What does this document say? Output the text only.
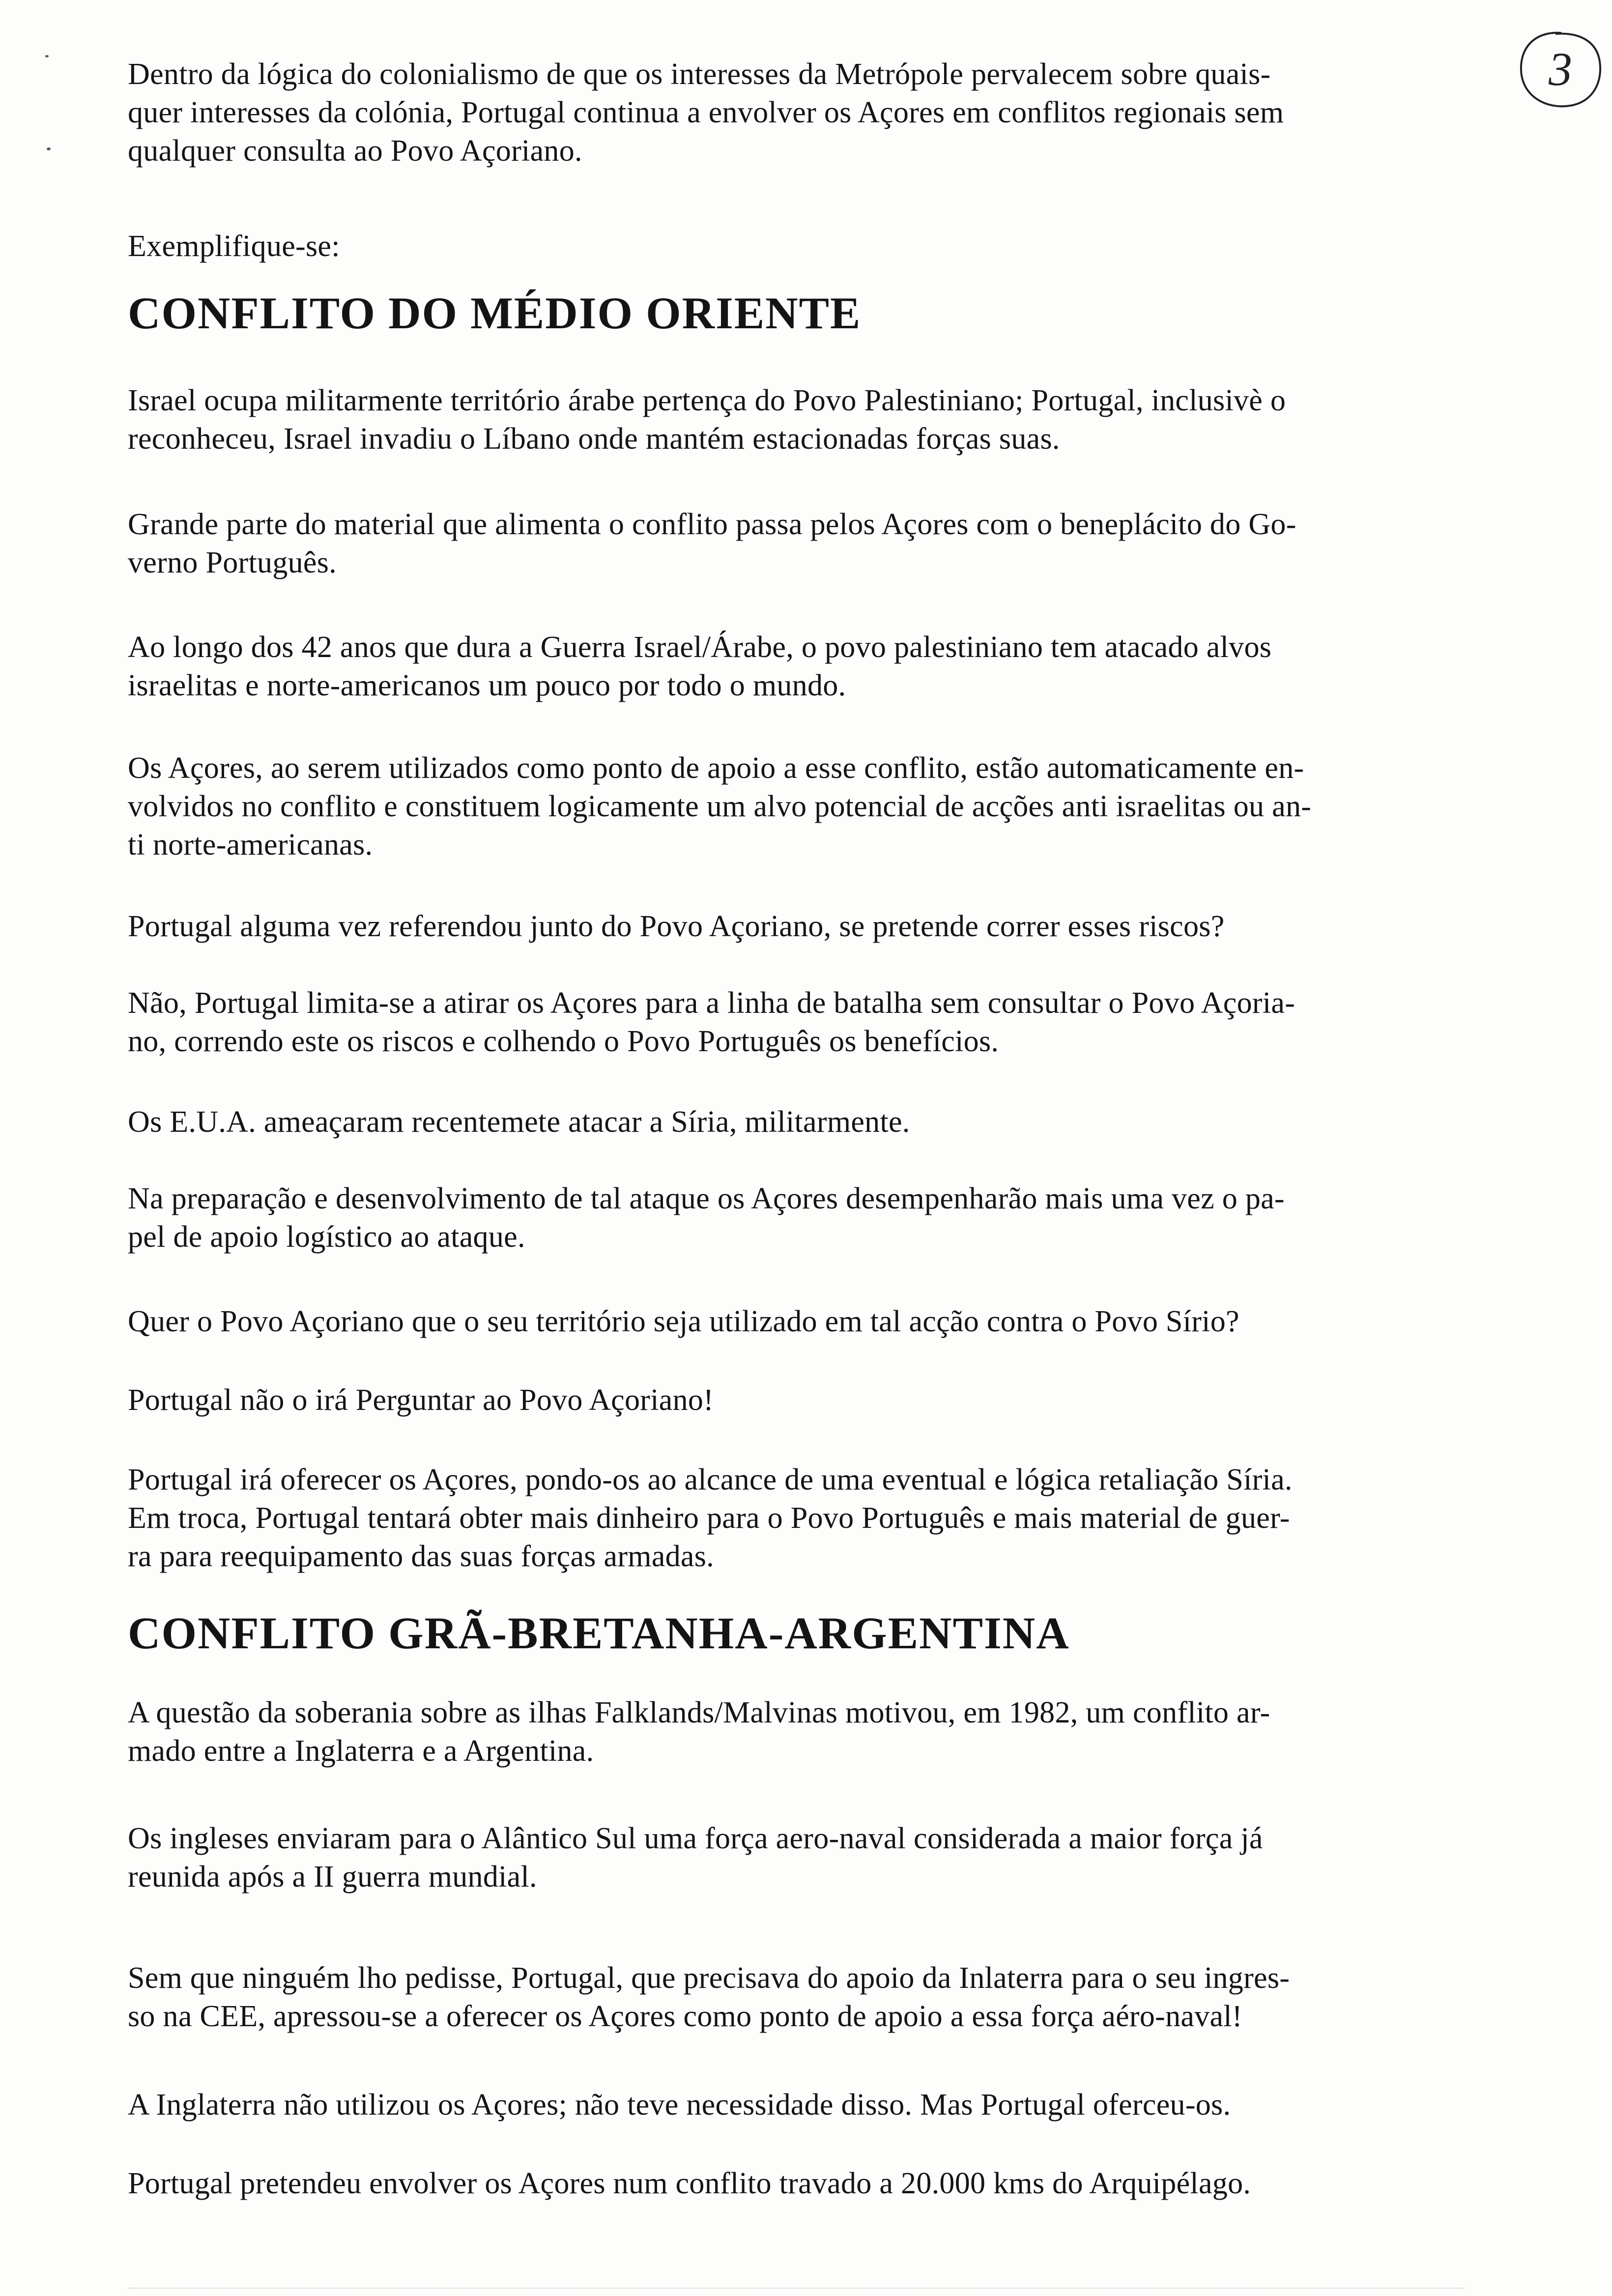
3

Dentro da lógica do colonialismo de que os interesses da Metrópole pervalecem sobre quais-
quer interesses da colónia, Portugal continua a envolver os Açores em conflitos regionais sem
qualquer consulta ao Povo Açoriano.

Exemplifique-se:

CONFLITO DO MÉDIO ORIENTE

Israel ocupa militarmente território árabe pertença do Povo Palestiniano; Portugal, inclusivè o
reconheceu, Israel invadiu o Líbano onde mantém estacionadas forças suas.

Grande parte do material que alimenta o conflito passa pelos Açores com o beneplácito do Go-
verno Português.

Ao longo dos 42 anos que dura a Guerra Israel/Árabe, o povo palestiniano tem atacado alvos
israelitas e norte-americanos um pouco por todo o mundo.

Os Açores, ao serem utilizados como ponto de apoio a esse conflito, estão automaticamente en-
volvidos no conflito e constituem logicamente um alvo potencial de acções anti israelitas ou an-
ti norte-americanas.

Portugal alguma vez referendou junto do Povo Açoriano, se pretende correr esses riscos?

Não, Portugal limita-se a atirar os Açores para a linha de batalha sem consultar o Povo Açoria-
no, correndo este os riscos e colhendo o Povo Português os benefícios.

Os E.U.A. ameaçaram recentemete atacar a Síria, militarmente.

Na preparação e desenvolvimento de tal ataque os Açores desempenharão mais uma vez o pa-
pel de apoio logístico ao ataque.

Quer o Povo Açoriano que o seu território seja utilizado em tal acção contra o Povo Sírio?

Portugal não o irá Perguntar ao Povo Açoriano!

Portugal irá oferecer os Açores, pondo-os ao alcance de uma eventual e lógica retaliação Síria.
Em troca, Portugal tentará obter mais dinheiro para o Povo Português e mais material de guer-
ra para reequipamento das suas forças armadas.

CONFLITO GRÃ-BRETANHA-ARGENTINA

A questão da soberania sobre as ilhas Falklands/Malvinas motivou, em 1982, um conflito ar-
mado entre a Inglaterra e a Argentina.

Os ingleses enviaram para o Alântico Sul uma força aero-naval considerada a maior força já
reunida após a II guerra mundial.

Sem que ninguém lho pedisse, Portugal, que precisava do apoio da Inlaterra para o seu ingres-
so na CEE, apressou-se a oferecer os Açores como ponto de apoio a essa força aéro-naval!

A Inglaterra não utilizou os Açores; não teve necessidade disso. Mas Portugal oferceu-os.

Portugal pretendeu envolver os Açores num conflito travado a 20.000 kms do Arquipélago.
